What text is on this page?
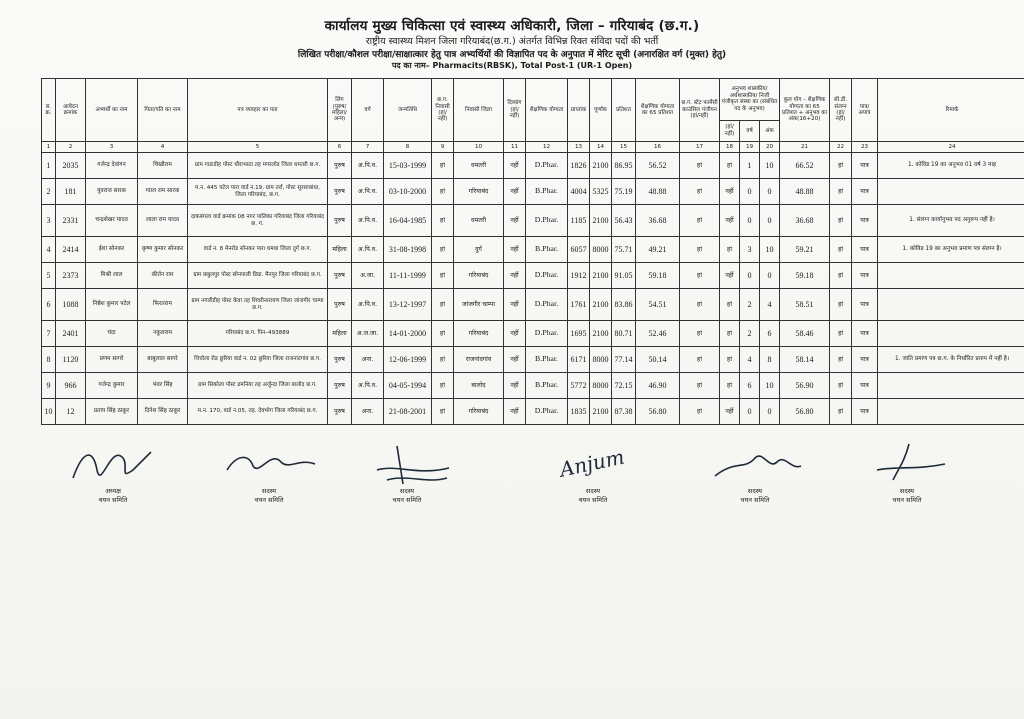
कार्यालय मुख्य चिकित्सा एवं स्वास्थ्य अधिकारी, जिला – गरियाबंद (छ.ग.)
राष्ट्रीय स्वास्थ्य मिशन जिला गरियाबंद(छ.ग.) अंतर्गत विभिन्न रिक्त संविदा पदों की भर्ती
लिखित परीक्षा/कौशल परीक्षा/साक्षात्कार हेतु पात्र अभ्यर्थियों की विज्ञापित पद के अनुपात में मेरिट सूची (अनारक्षित वर्ग (मुक्त) हेतु)
पद का नाम– Pharmacits(RBSK), Total Post-1 (UR-1 Open)
स. क्र.	आवेदन क्रमांक	अभ्यर्थी का नाम	पिता/पति का नाम	पत्र व्यवहार का पता	लिंग (पुरुष/ महिला/ अन्य)	वर्ग	जन्मतिथि	छ.ग. निवासी (हां/ नहीं)	निवासी जिला	दिव्यांग (हां/ नहीं)	शैक्षणिक योग्यता	प्राप्तांक	पूर्णांक	प्रतिशत	शैक्षणिक योग्यता का 65 प्रतिशत	छ.ग. स्टेट फार्मेसी काउंसिल पंजीयन (हां/नहीं)	अनुभव शासकीय/ अर्धशासकीय/ निजी पंजीकृत संस्था का (संबंधित पद के अनुभव)			कुल योग – शैक्षणिक योग्यता का 65 प्रतिशत + अनुभव का अंक(16+20)	सी.डी. संलग्न (हां/ नहीं)	पात्र/ अपात्र	रिमार्क
																	(हां/ नहीं)	वर्ष	अंक				
1	2	3	4	5	6	7	8	9	10	11	12	13	14	15	16	17	18	19	20	21	22	23	24
1	2035	गजेन्द्र देवांगन	चिखौराम	ग्राम गाडाडीह पोस्ट धौराभाठा तह मगरलोड जिला धमतरी छ.ग.	पुरुष	अ.पि.व.	15-03-1999	हां	धमतरी	नहीं	D.Phar.	1826	2100	86.95	56.52	हां	हां	1	10	66.52	हां	पात्र	1. कोविड 19 का अनुभव 01 वर्ष 3 माह
2	181	युवराज सारक	ग्वाल राम सारक	म.न. 445 पटेल पारा वार्ड न.19, ग्राम तर्रा, पोस्ट सुरसाबांधा, जिला गरियाबंद, छ.ग.	पुरुष	अ.पि.व.	03-10-2000	हां	गरियाबंद	नहीं	B.Phar.	4004	5325	75.19	48.88	हां	नहीं	0	0	48.88	हां	पात्र	
3	2331	चन्द्रशेखर यादव	लाला राम यादव	दाकबंगला वार्ड क्रमांक 08 नगर पालिका गरियाबंद जिला गरियाबंद छ. ग.	पुरुष	अ.पि.व.	16-04-1985	हां	धमतरी	नहीं	D.Phar.	1185	2100	56.43	36.68	हां	नहीं	0	0	36.68	हां	पात्र	1. संलग्न कार्यानुभव पद अनुरूप नहीं है।
4	2414	ईशा सोनकर	कृष्ण कुमार सोनकर	वार्ड न. 8 मेनरोड सोनकर पारा धमधा जिला दुर्ग छ.ग.	महिला	अ.पि.व.	31-08-1998	हां	दुर्ग	नहीं	B.Phar.	6057	8000	75.71	49.21	हां	हां	3	10	59.21	हां	पात्र	1. कोविड 19 का अनुभव प्रमाण पत्र संलग्न है।
5	2373	मिश्री लाल	कीर्तन राम	ग्राम छबुलपुर पोस्ट सोनपाली डिग्रा. मैनपुर जिला गरियाबंद छ.ग.	पुरुष	अ.जा.	11-11-1999	हां	गरियाबंद	नहीं	D.Phar.	1912	2100	91.05	59.18	हां	नहीं	0	0	59.18	हां	पात्र	
6	1088	निष्ठेश कुमार पटेल	फिरतराम	ग्राम नगारीडीह पोस्ट केवा तह शिवरीनारायण जिला जांजगीर चाम्पा छ.ग.	पुरुष	अ.पि.व.	13-12-1997	हां	जांजगीर चाम्पा	नहीं	D.Phar.	1761	2100	83.86	54.51	हां	हां	2	4	58.51	हां	पात्र	
7	2401	चंदा	नकुलराम	गरियाबंद छ.ग. पिन–493889	महिला	अ.ज.जा.	14-01-2000	हां	गरियाबंद	नहीं	D.Phar.	1695	2100	80.71	52.46	हां	हां	2	6	58.46	हां	पात्र	
8	1120	प्रणम सागरे	बाबूलाल सागरे	चिचोला रोड छुरिया वार्ड न. 02 छुरिया जिला राजनांदगांव छ.ग.	पुरुष	अना.	12-06-1999	हां	राजनांदगांव	नहीं	B.Phar.	6171	8000	77.14	50.14	हां	हां	4	8	58.14	हां	पात्र	1. जाति प्रमाण पत्र छ.ग. के निर्धारित प्रारुप में नहीं है।
9	966	गजेन्द्र कुमार	भंवर सिंह	ग्राम सिकोला पोस्ट डमनिया तह अर्जुन्दा जिला बालोद छ.ग.	पुरुष	अ.पि.व.	04-05-1994	हां	बालोद	नहीं	B.Phar.	5772	8000	72.15	46.90	हां	हां	6	10	56.90	हां	पात्र	
10	12	प्रताप सिंह ठाकुर	दिनेश सिंह ठाकुर	म.न. 170, वार्ड न.05, तह. देवभोग जिला गरियाबंद छ.ग.	पुरुष	अना.	21-08-2001	हां	गरियाबंद	नहीं	D.Phar.	1835	2100	87.38	56.80	हां	नहीं	0	0	56.80	हां	पात्र	
अध्यक्ष
चयन समिति
सदस्य
चयन समिति
सदस्य
चयन समिति
Anjum
सदस्य
चयन समिति
सदस्य
चयन समिति
सदस्य
चयन समिति
